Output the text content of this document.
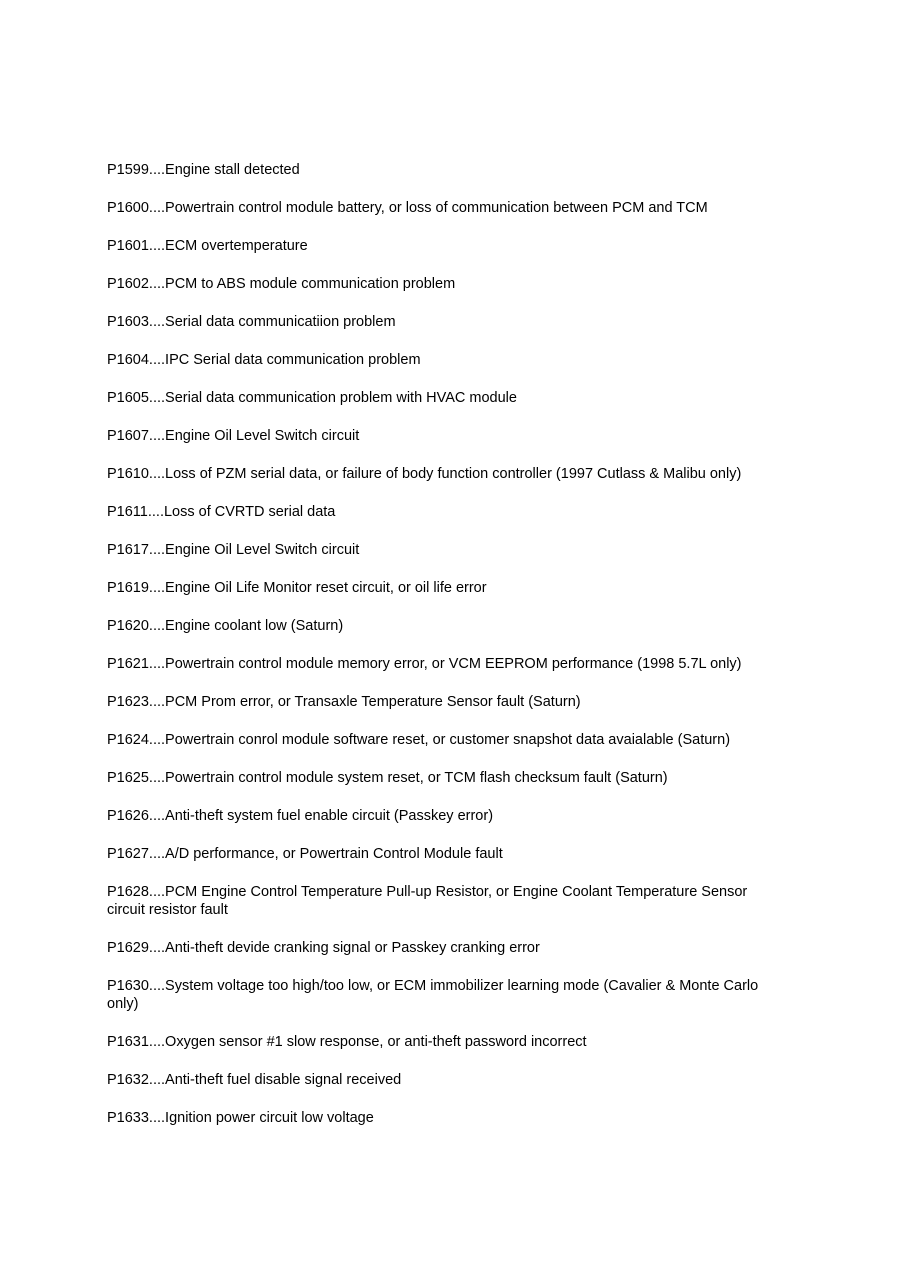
P1599....Engine stall detected
P1600....Powertrain control module battery, or loss of communication between PCM and TCM
P1601....ECM overtemperature
P1602....PCM to ABS module communication problem
P1603....Serial data communicatiion problem
P1604....IPC Serial data communication problem
P1605....Serial data communication problem with HVAC module
P1607....Engine Oil Level Switch circuit
P1610....Loss of PZM serial data, or failure of body function controller (1997 Cutlass & Malibu only)
P1611....Loss of CVRTD serial data
P1617....Engine Oil Level Switch circuit
P1619....Engine Oil Life Monitor reset circuit, or oil life error
P1620....Engine coolant low (Saturn)
P1621....Powertrain control module memory error, or VCM EEPROM performance (1998 5.7L only)
P1623....PCM Prom error, or Transaxle Temperature Sensor fault (Saturn)
P1624....Powertrain conrol module software reset, or customer snapshot data avaialable (Saturn)
P1625....Powertrain control module system reset, or TCM flash checksum fault (Saturn)
P1626....Anti-theft system fuel enable circuit (Passkey error)
P1627....A/D performance, or Powertrain Control Module fault
P1628....PCM Engine Control Temperature Pull-up Resistor, or Engine Coolant Temperature Sensor circuit resistor fault
P1629....Anti-theft devide cranking signal or Passkey cranking error
P1630....System voltage too high/too low, or ECM immobilizer learning mode (Cavalier & Monte Carlo only)
P1631....Oxygen sensor #1 slow response, or anti-theft password incorrect
P1632....Anti-theft fuel disable signal received
P1633....Ignition power circuit low voltage
